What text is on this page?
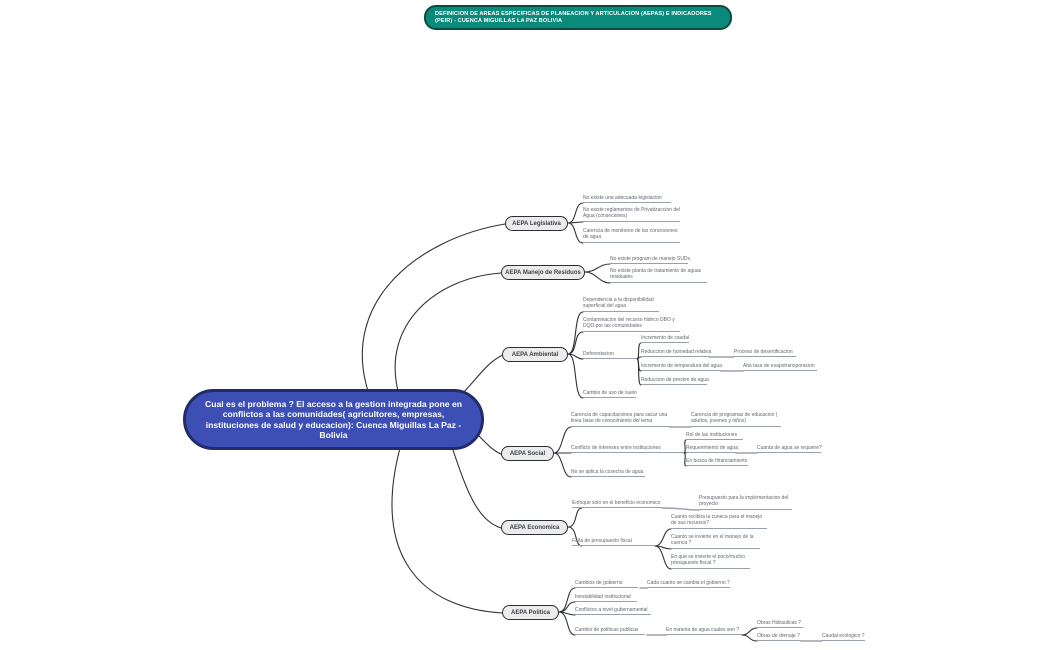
DEFINICION DE AREAS ESPECIFICAS DE PLANEACION Y ARTICULACION (AEPAS) E INDICADORES (PEIR) - CUENCA MIGUILLAS LA PAZ BOLIVIA
Cual es el problema ? El acceso a la gestion integrada pone en conflictos a las comunidades( agricultores, empresas, instituciones de salud y educacion): Cuenca Miguillas La Paz - Bolivia
AEPA Legislativa
AEPA Manejo de Residuos
AEPA Ambiental
AEPA Social
AEPA Economica
AEPA Politica
No existe una adecuada legislacion
No existe reglamentos de Privatizaccion del Agua (conseciones)
Carencia de monitoreo de las concesiones de agua
No existe program de manejo SUDs
No existe planta de tratamiento de aguas residuales
Dependencia a la disponibilidad superficial del agua
Contaminacion del recurso hidrico DBO y DQO por las comunidades
Deforestacion
Incremento de caudal
Reduccion de humedad relativa	Proceso de desertificacion
Incremento de temperatura del agua	Alta tasa de evapotransporacion
Reduccion de presion de agua
Cambio de uso de suelo
Carencia de capacitaciones para sacar una linea base de conocimiento del tema
Carencia de programas de educacion ( adultos, jovenes y niños)
Conflicto de intereses entre instituciones
Rol de las instituciones
Requerimiento de agua	Cuanta de agua se requiere?
En busca de financiamiento
No se aplica la cosecha de agua
Enfoque solo en el beneficio economico
Presupuesto para la implementacion del proyecto
Falta de presupuesto fiscal
Cuanto recibira la cuneca para el manejo de sus recursos?
Cuanto se invierte en el manejo de la cuenca ?
En que se invierte el poco/mucho presupuesto fiscal ?
Cambios de gobierno	Cada cuanto se cambia el gobierno ?
Inestabilidad institucional
Conflictos a nivel gubernamental
Cambio de politicas publicas	En materia de agua cuales son ?
Obras Hidraulicas ?
Obras de drenaje ?	Caudal ecologico ?
